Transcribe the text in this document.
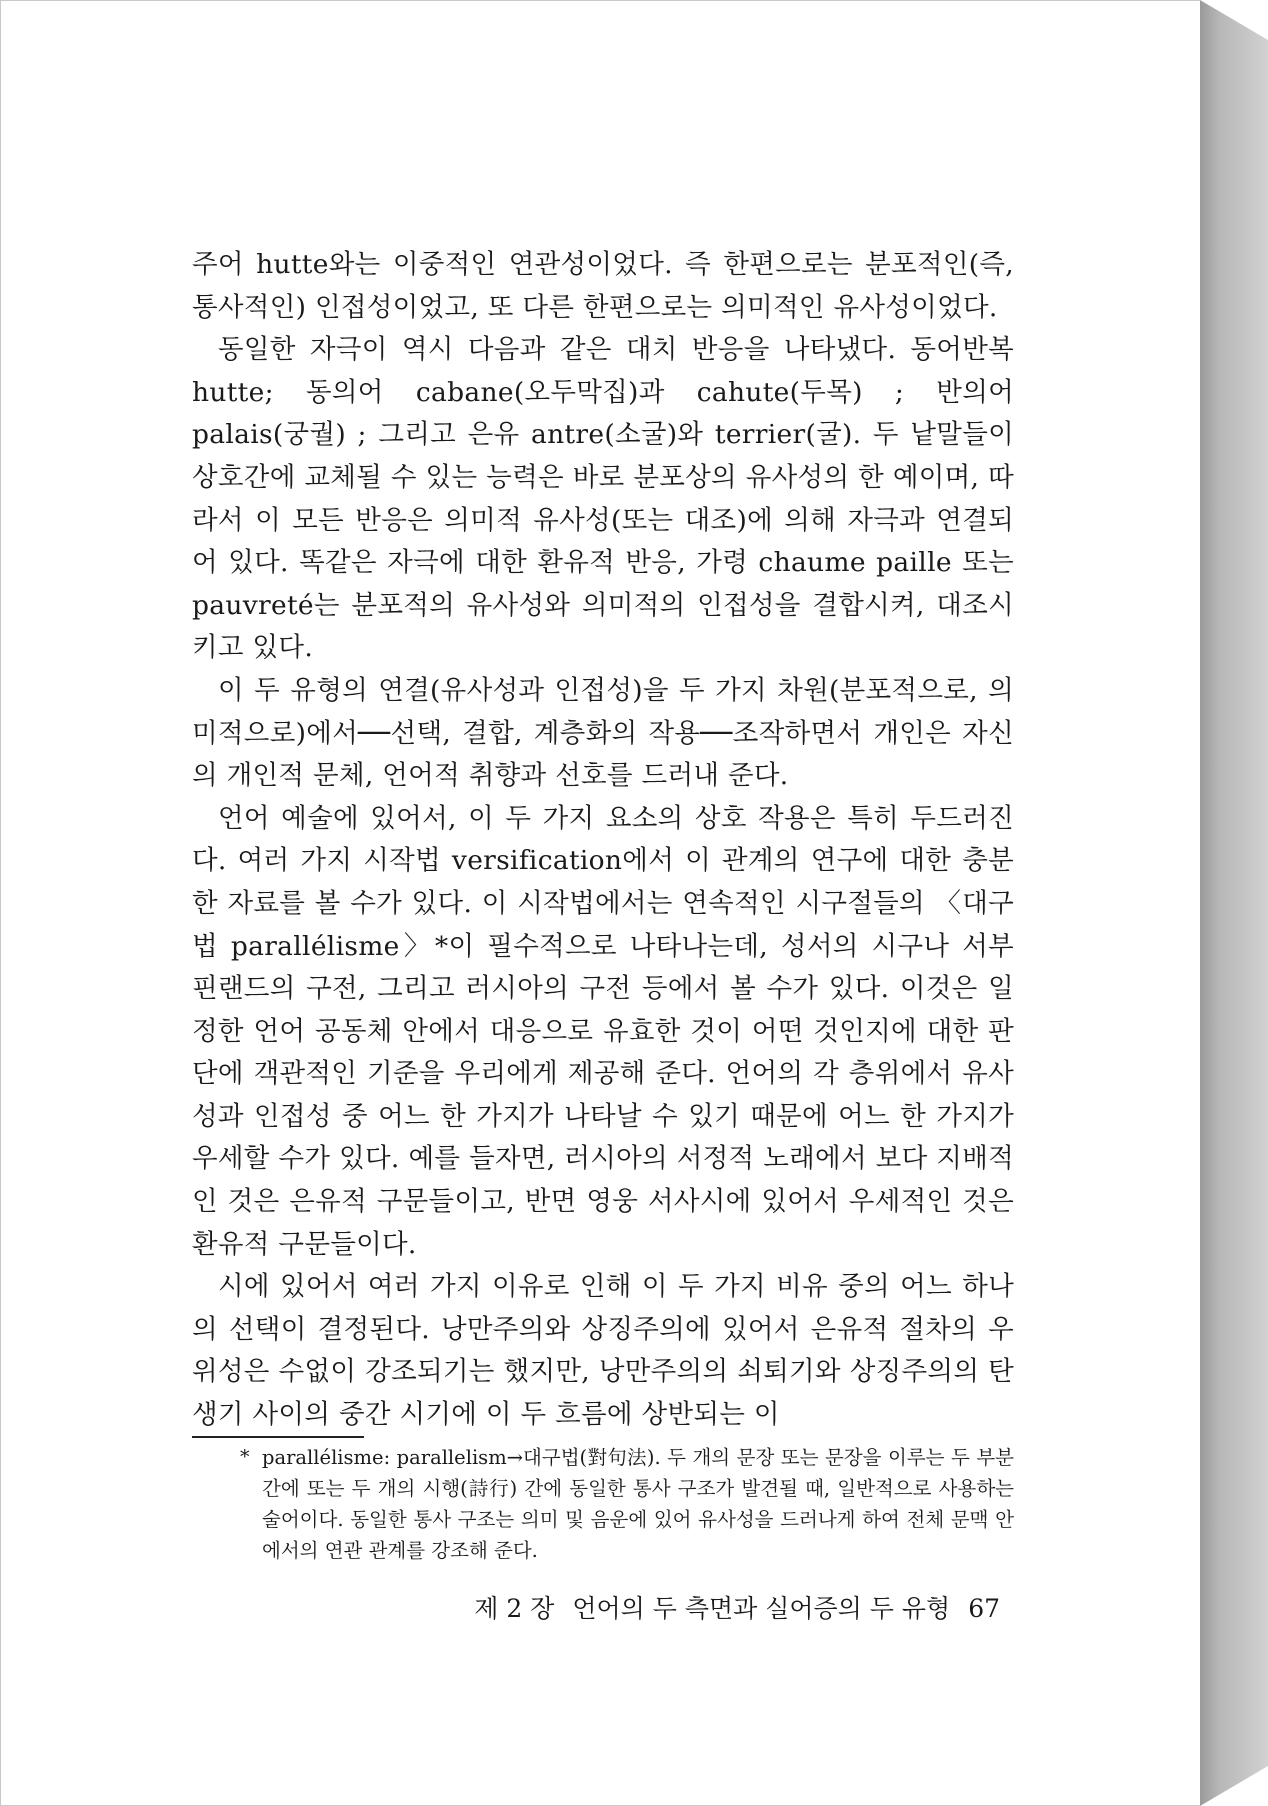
주어 hutte와는 이중적인 연관성이었다. 즉 한편으로는 분포적인(즉, 통사적인) 인접성이었고, 또 다른 한편으로는 의미적인 유사성이었다.

동일한 자극이 역시 다음과 같은 대치 반응을 나타냈다. 동어반복 hutte; 동의어 cabane(오두막집)과 cahute(두목) ; 반의어 palais(궁궐) ; 그리고 은유 antre(소굴)와 terrier(굴). 두 낱말들이 상호간에 교체될 수 있는 능력은 바로 분포상의 유사성의 한 예이며, 따라서 이 모든 반응은 의미적 유사성(또는 대조)에 의해 자극과 연결되어 있다. 똑같은 자극에 대한 환유적 반응, 가령 chaume paille 또는 pauvreté는 분포적의 유사성와 의미적의 인접성을 결합시켜, 대조시키고 있다.

이 두 유형의 연결(유사성과 인접성)을 두 가지 차원(분포적으로, 의미적으로)에서──선택, 결합, 계층화의 작용──조작하면서 개인은 자신의 개인적 문체, 언어적 취향과 선호를 드러내 준다.

언어 예술에 있어서, 이 두 가지 요소의 상호 작용은 특히 두드러진다. 여러 가지 시작법 versification에서 이 관계의 연구에 대한 충분한 자료를 볼 수가 있다. 이 시작법에서는 연속적인 시구절들의 〈대구법 parallélisme〉*이 필수적으로 나타나는데, 성서의 시구나 서부 핀랜드의 구전, 그리고 러시아의 구전 등에서 볼 수가 있다. 이것은 일정한 언어 공동체 안에서 대응으로 유효한 것이 어떤 것인지에 대한 판단에 객관적인 기준을 우리에게 제공해 준다. 언어의 각 층위에서 유사성과 인접성 중 어느 한 가지가 나타날 수 있기 때문에 어느 한 가지가 우세할 수가 있다. 예를 들자면, 러시아의 서정적 노래에서 보다 지배적인 것은 은유적 구문들이고, 반면 영웅 서사시에 있어서 우세적인 것은 환유적 구문들이다.

시에 있어서 여러 가지 이유로 인해 이 두 가지 비유 중의 어느 하나의 선택이 결정된다. 낭만주의와 상징주의에 있어서 은유적 절차의 우위성은 수없이 강조되기는 했지만, 낭만주의의 쇠퇴기와 상징주의의 탄생기 사이의 중간 시기에 이 두 흐름에 상반되는 이

* parallélisme: parallelism→대구법(對句法). 두 개의 문장 또는 문장을 이루는 두 부분 간에 또는 두 개의 시행(詩行) 간에 동일한 통사 구조가 발견될 때, 일반적으로 사용하는 술어이다. 동일한 통사 구조는 의미 및 음운에 있어 유사성을 드러나게 하여 전체 문맥 안에서의 연관 관계를 강조해 준다.
제 2 장 언어의 두 측면과 실어증의 두 유형 67
